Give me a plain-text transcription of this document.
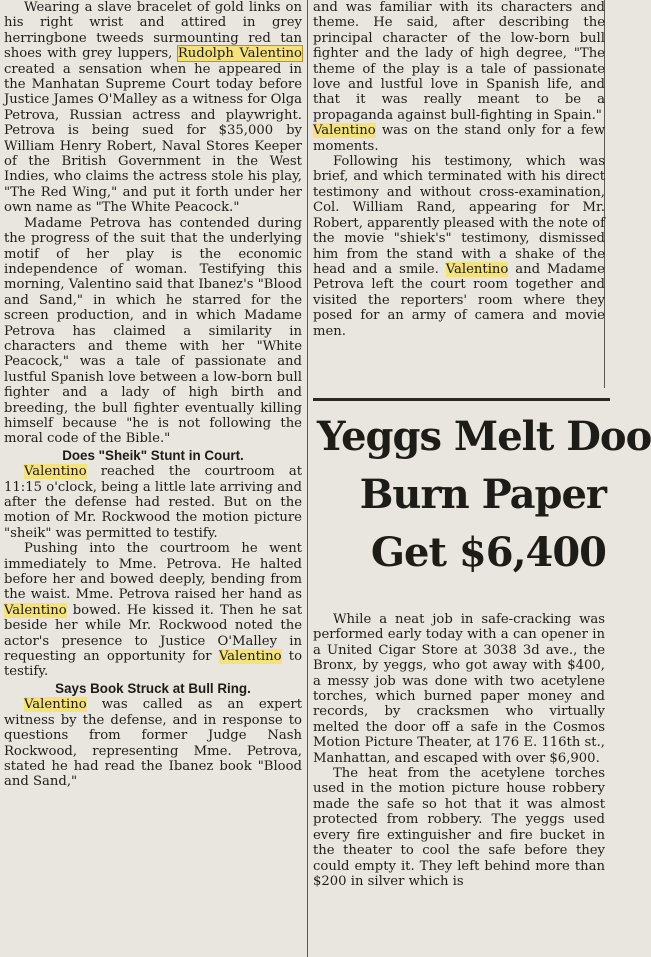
Wearing a slave bracelet of gold links on his right wrist and attired in grey herringbone tweeds surmounting red tan shoes with grey luppers, Rudolph Valentino created a sensation when he appeared in the Manhatan Supreme Court today before Justice James O'Malley as a witness for Olga Petrova, Russian actress and playwright. Petrova is being sued for $35,000 by William Henry Robert, Naval Stores Keeper of the British Government in the West Indies, who claims the actress stole his play, "The Red Wing," and put it forth under her own name as "The White Peacock."

Madame Petrova has contended during the progress of the suit that the underlying motif of her play is the economic independence of woman. Testifying this morning, Valentino said that Ibanez's "Blood and Sand," in which he starred for the screen production, and in which Madame Petrova has claimed a similarity in characters and theme with her "White Peacock," was a tale of passionate and lustful Spanish love between a low-born bull fighter and a lady of high birth and breeding, the bull fighter eventually killing himself because "he is not following the moral code of the Bible."

Does "Sheik" Stunt in Court.

Valentino reached the courtroom at 11:15 o'clock, being a little late arriving and after the defense had rested. But on the motion of Mr. Rockwood the motion picture "sheik" was permitted to testify.

Pushing into the courtroom he went immediately to Mme. Petrova. He halted before her and bowed deeply, bending from the waist. Mme. Petrova raised her hand as Valentino bowed. He kissed it. Then he sat beside her while Mr. Rockwood noted the actor's presence to Justice O'Malley in requesting an opportunity for Valentino to testify.

Says Book Struck at Bull Ring.

Valentino was called as an expert witness by the defense, and in response to questions from former Judge Nash Rockwood, representing Mme. Petrova, stated he had read the Ibanez book "Blood and Sand,"

and was familiar with its characters and theme. He said, after describing the principal character of the low-born bull fighter and the lady of high degree, "The theme of the play is a tale of passionate love and lustful love in Spanish life, and that it was really meant to be a propaganda against bull-fighting in Spain."

Valentino was on the stand only for a few moments.

Following his testimony, which was brief, and which terminated with his direct testimony and without cross-examination, Col. William Rand, appearing for Mr. Robert, apparently pleased with the note of the movie "shiek's" testimony, dismissed him from the stand with a shake of the head and a smile. Valentino and Madame Petrova left the court room together and visited the reporters' room where they posed for an army of camera and movie men.

Yeggs Melt Doo
Burn Paper
Get $6,400

While a neat job in safe-cracking was performed early today with a can opener in a United Cigar Store at 3038 3d ave., the Bronx, by yeggs, who got away with $400, a messy job was done with two acetylene torches, which burned paper money and records, by cracksmen who virtually melted the door off a safe in the Cosmos Motion Picture Theater, at 176 E. 116th st., Manhattan, and escaped with over $6,900.

The heat from the acetylene torches used in the motion picture house robbery made the safe so hot that it was almost protected from robbery. The yeggs used every fire extinguisher and fire bucket in the theater to cool the safe before they could empty it. They left behind more than $200 in silver which is
